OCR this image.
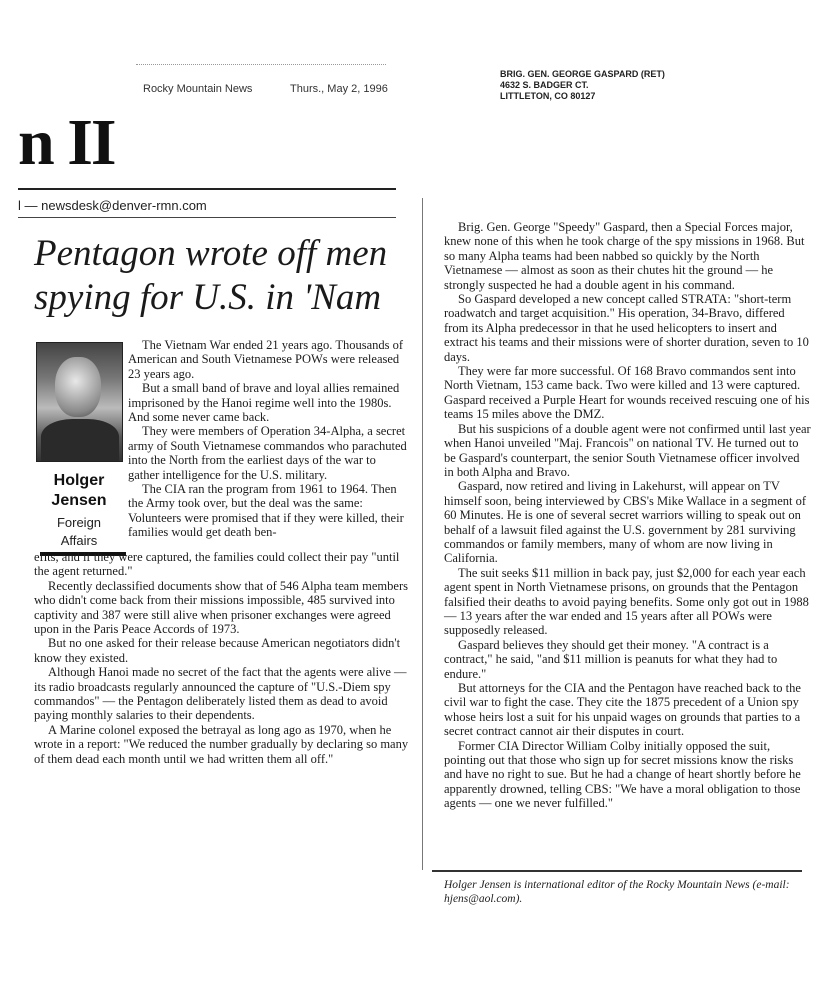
Rocky Mountain News	Thurs., May 2, 1996
BRIG. GEN. GEORGE GASPARD (RET)
4632 S. BADGER CT.
LITTLETON, CO 80127
n II
l — newsdesk@denver-rmn.com
Pentagon wrote off men spying for U.S. in 'Nam
Holger
Jensen
Foreign
Affairs

The Vietnam War ended 21 years ago. Thousands of American and South Vietnamese POWs were released 23 years ago.

But a small band of brave and loyal allies remained imprisoned by the Hanoi regime well into the 1980s. And some never came back.

They were members of Operation 34-Alpha, a secret army of South Vietnamese commandos who parachuted into the North from the earliest days of the war to gather intelligence for the U.S. military.

The CIA ran the program from 1961 to 1964. Then the Army took over, but the deal was the same: Volunteers were promised that if they were killed, their families would get death ben-

efits, and if they were captured, the families could collect their pay "until the agent returned."

Recently declassified documents show that of 546 Alpha team members who didn't come back from their missions impossible, 485 survived into captivity and 387 were still alive when prisoner exchanges were agreed upon in the Paris Peace Accords of 1973.

But no one asked for their release because American negotiators didn't know they existed.

Although Hanoi made no secret of the fact that the agents were alive — its radio broadcasts regularly announced the capture of "U.S.-Diem spy commandos" — the Pentagon deliberately listed them as dead to avoid paying monthly salaries to their dependents.

A Marine colonel exposed the betrayal as long ago as 1970, when he wrote in a report: "We reduced the number gradually by declaring so many of them dead each month until we had written them all off."

Brig. Gen. George "Speedy" Gaspard, then a Special Forces major, knew none of this when he took charge of the spy missions in 1968. But so many Alpha teams had been nabbed so quickly by the North Vietnamese — almost as soon as their chutes hit the ground — he strongly suspected he had a double agent in his command.

So Gaspard developed a new concept called STRATA: "short-term roadwatch and target acquisition." His operation, 34-Bravo, differed from its Alpha predecessor in that he used helicopters to insert and extract his teams and their missions were of shorter duration, seven to 10 days.

They were far more successful. Of 168 Bravo commandos sent into North Vietnam, 153 came back. Two were killed and 13 were captured. Gaspard received a Purple Heart for wounds received rescuing one of his teams 15 miles above the DMZ.

But his suspicions of a double agent were not confirmed until last year when Hanoi unveiled "Maj. Francois" on national TV. He turned out to be Gaspard's counterpart, the senior South Vietnamese officer involved in both Alpha and Bravo.

Gaspard, now retired and living in Lakehurst, will appear on TV himself soon, being interviewed by CBS's Mike Wallace in a segment of 60 Minutes. He is one of several secret warriors willing to speak out on behalf of a lawsuit filed against the U.S. government by 281 surviving commandos or family members, many of whom are now living in California.

The suit seeks $11 million in back pay, just $2,000 for each year each agent spent in North Vietnamese prisons, on grounds that the Pentagon falsified their deaths to avoid paying benefits. Some only got out in 1988 — 13 years after the war ended and 15 years after all POWs were supposedly released.

Gaspard believes they should get their money. "A contract is a contract," he said, "and $11 million is peanuts for what they had to endure."

But attorneys for the CIA and the Pentagon have reached back to the civil war to fight the case. They cite the 1875 precedent of a Union spy whose heirs lost a suit for his unpaid wages on grounds that parties to a secret contract cannot air their disputes in court.

Former CIA Director William Colby initially opposed the suit, pointing out that those who sign up for secret missions know the risks and have no right to sue. But he had a change of heart shortly before he apparently drowned, telling CBS: "We have a moral obligation to those agents — one we never fulfilled."

Holger Jensen is international editor of the Rocky Mountain News (e-mail: hjens@aol.com).
